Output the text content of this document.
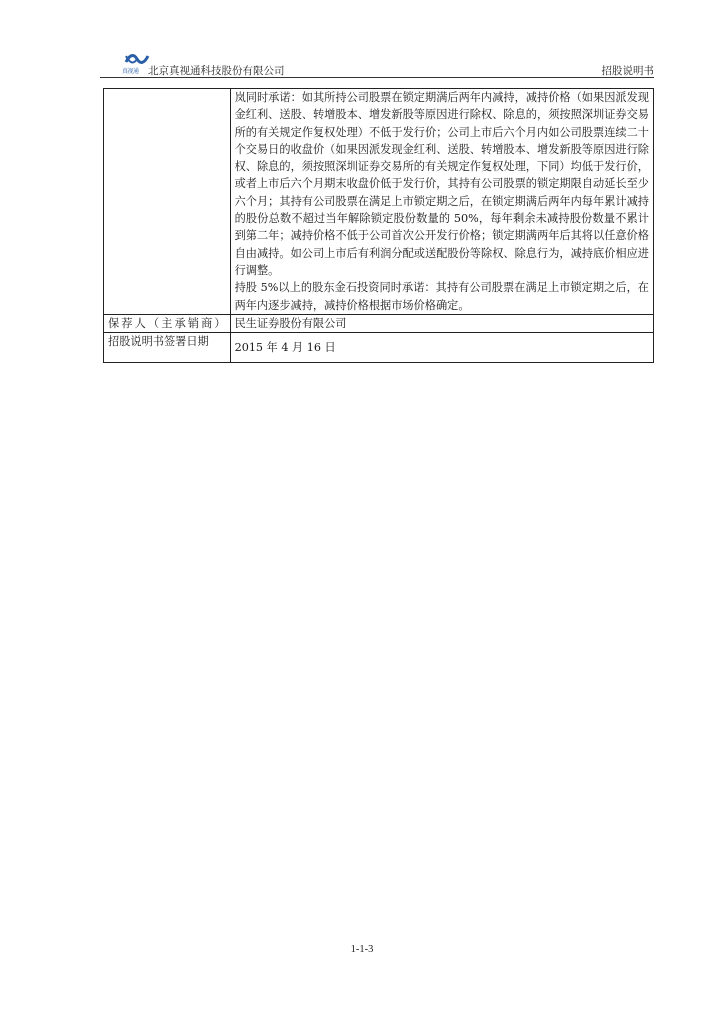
真视通 北京真视通科技股份有限公司	招股说明书

	岚同时承诺：如其所持公司股票在锁定期满后两年内减持，减持价格（如果因派发现金红利、送股、转增股本、增发新股等原因进行除权、除息的，须按照深圳证券交易所的有关规定作复权处理）不低于发行价；公司上市后六个月内如公司股票连续二十个交易日的收盘价（如果因派发现金红利、送股、转增股本、增发新股等原因进行除权、除息的，须按照深圳证券交易所的有关规定作复权处理，下同）均低于发行价，或者上市后六个月期末收盘价低于发行价，其持有公司股票的锁定期限自动延长至少六个月；其持有公司股票在满足上市锁定期之后，在锁定期满后两年内每年累计减持的股份总数不超过当年解除锁定股份数量的 50%，每年剩余未减持股份数量不累计到第二年；减持价格不低于公司首次公开发行价格；锁定期满两年后其将以任意价格自由减持。如公司上市后有利润分配或送配股份等除权、除息行为，减持底价相应进行调整。
持股 5%以上的股东金石投资同时承诺：其持有公司股票在满足上市锁定期之后，在两年内逐步减持，减持价格根据市场价格确定。

保荐人（主承销商）	民生证券股份有限公司
招股说明书签署日期	2015 年 4 月 16 日
1-1-3
